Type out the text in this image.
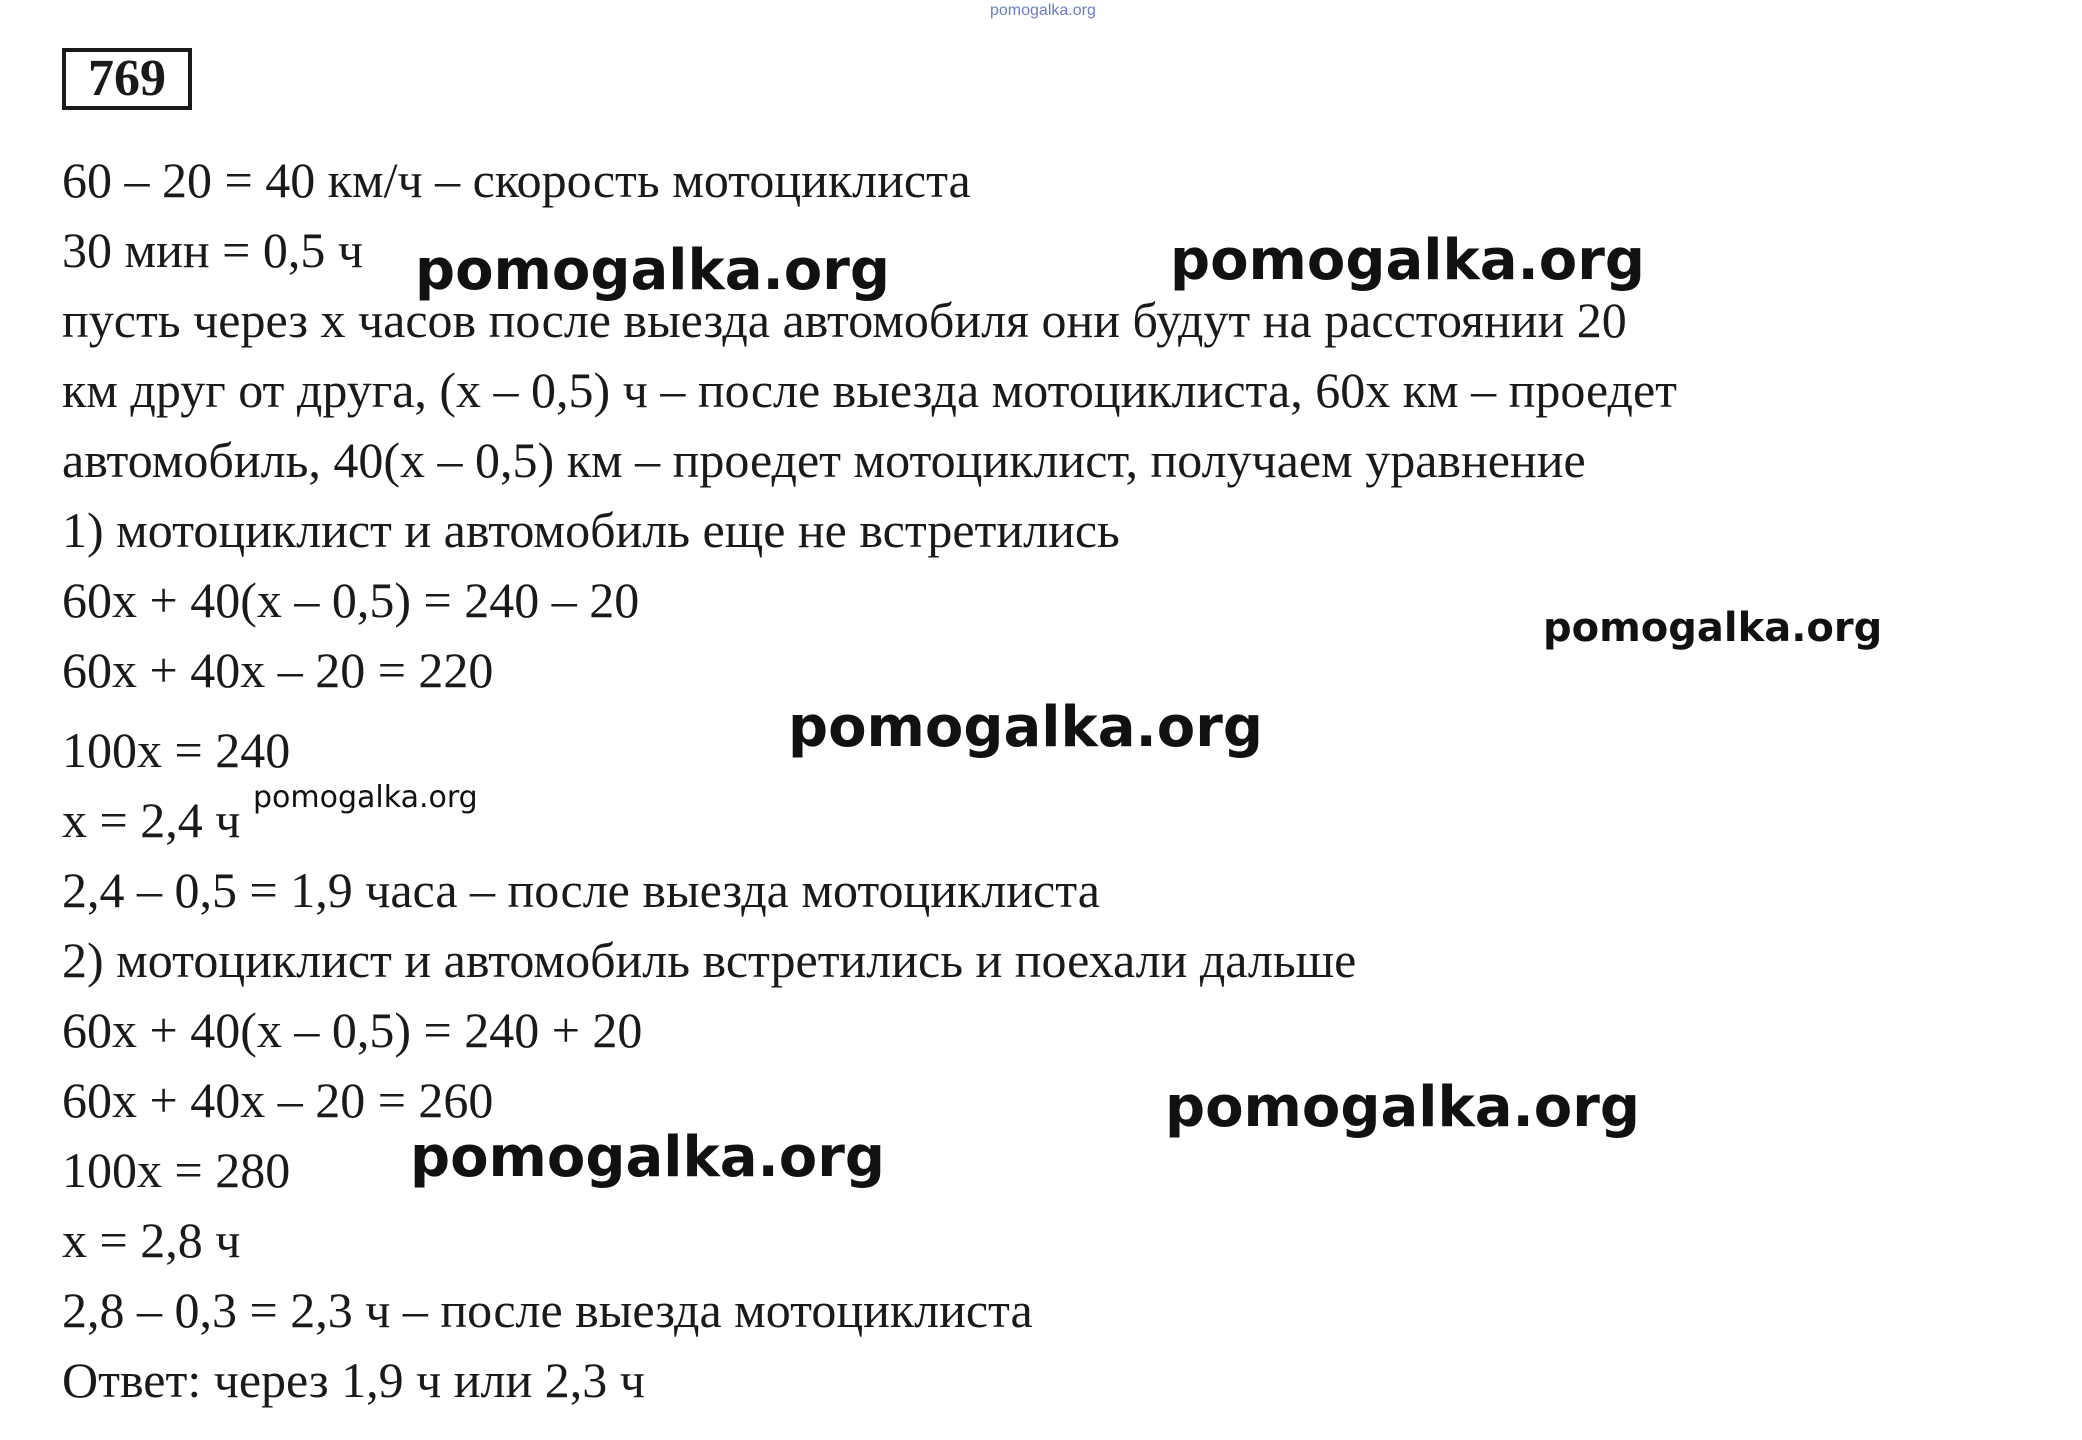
pomogalka.org
769
60 – 20 = 40 км/ч – скорость мотоциклиста
30 мин = 0,5 ч
пусть через x часов после выезда автомобиля они будут на расстоянии 20
км друг от друга, (x – 0,5) ч – после выезда мотоциклиста, 60x км – проедет
автомобиль, 40(x – 0,5) км – проедет мотоциклист, получаем уравнение
1) мотоциклист и автомобиль еще не встретились
60x + 40(x – 0,5) = 240 – 20
60x + 40x – 20 = 220
100x = 240
x = 2,4 ч
2,4 – 0,5 = 1,9 часа – после выезда мотоциклиста
2) мотоциклист и автомобиль встретились и поехали дальше
60x + 40(x – 0,5) = 240 + 20
60x + 40x – 20 = 260
100x = 280
x = 2,8 ч
2,8 – 0,3 = 2,3 ч – после выезда мотоциклиста
Ответ: через 1,9 ч или 2,3 ч
pomogalka.org	pomogalka.org
pomogalka.org
pomogalka.org
pomogalka.org
pomogalka.org
pomogalka.org
